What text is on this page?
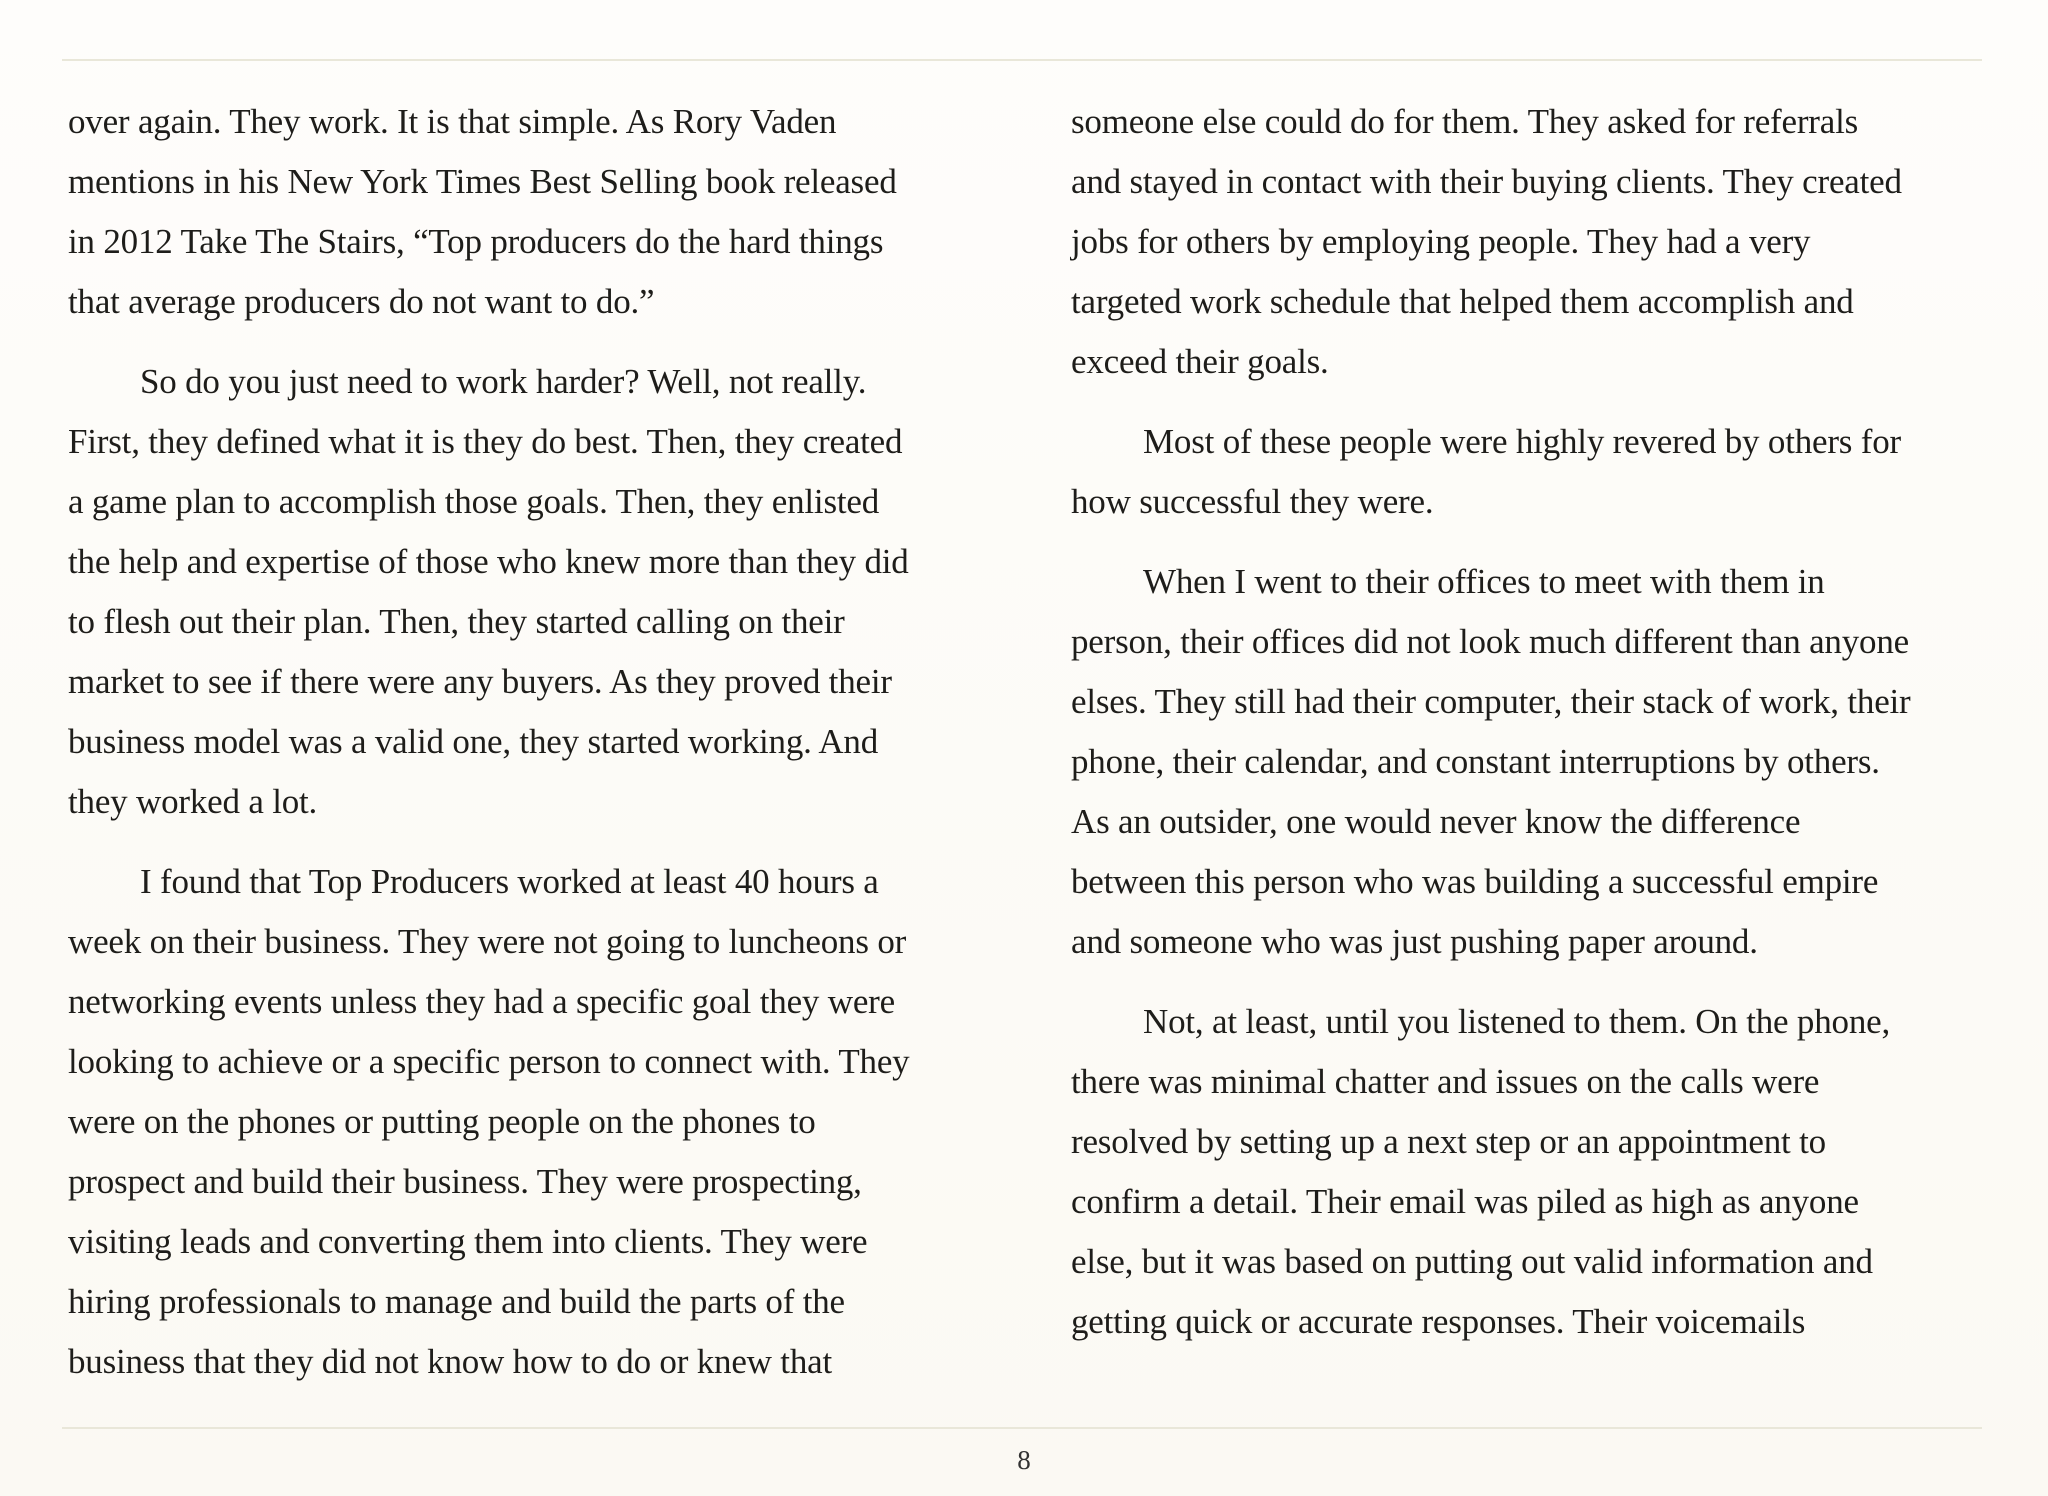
over again. They work. It is that simple. As Rory Vaden
mentions in his New York Times Best Selling book released
in 2012 Take The Stairs, “Top producers do the hard things
that average producers do not want to do.”

So do you just need to work harder? Well, not really.
First, they defined what it is they do best. Then, they created
a game plan to accomplish those goals. Then, they enlisted
the help and expertise of those who knew more than they did
to flesh out their plan. Then, they started calling on their
market to see if there were any buyers. As they proved their
business model was a valid one, they started working. And
they worked a lot.

I found that Top Producers worked at least 40 hours a
week on their business. They were not going to luncheons or
networking events unless they had a specific goal they were
looking to achieve or a specific person to connect with. They
were on the phones or putting people on the phones to
prospect and build their business. They were prospecting,
visiting leads and converting them into clients. They were
hiring professionals to manage and build the parts of the
business that they did not know how to do or knew that

someone else could do for them. They asked for referrals
and stayed in contact with their buying clients. They created
jobs for others by employing people. They had a very
targeted work schedule that helped them accomplish and
exceed their goals.

Most of these people were highly revered by others for
how successful they were.

When I went to their offices to meet with them in
person, their offices did not look much different than anyone
elses. They still had their computer, their stack of work, their
phone, their calendar, and constant interruptions by others.
As an outsider, one would never know the difference
between this person who was building a successful empire
and someone who was just pushing paper around.

Not, at least, until you listened to them. On the phone,
there was minimal chatter and issues on the calls were
resolved by setting up a next step or an appointment to
confirm a detail. Their email was piled as high as anyone
else, but it was based on putting out valid information and
getting quick or accurate responses. Their voicemails

8
